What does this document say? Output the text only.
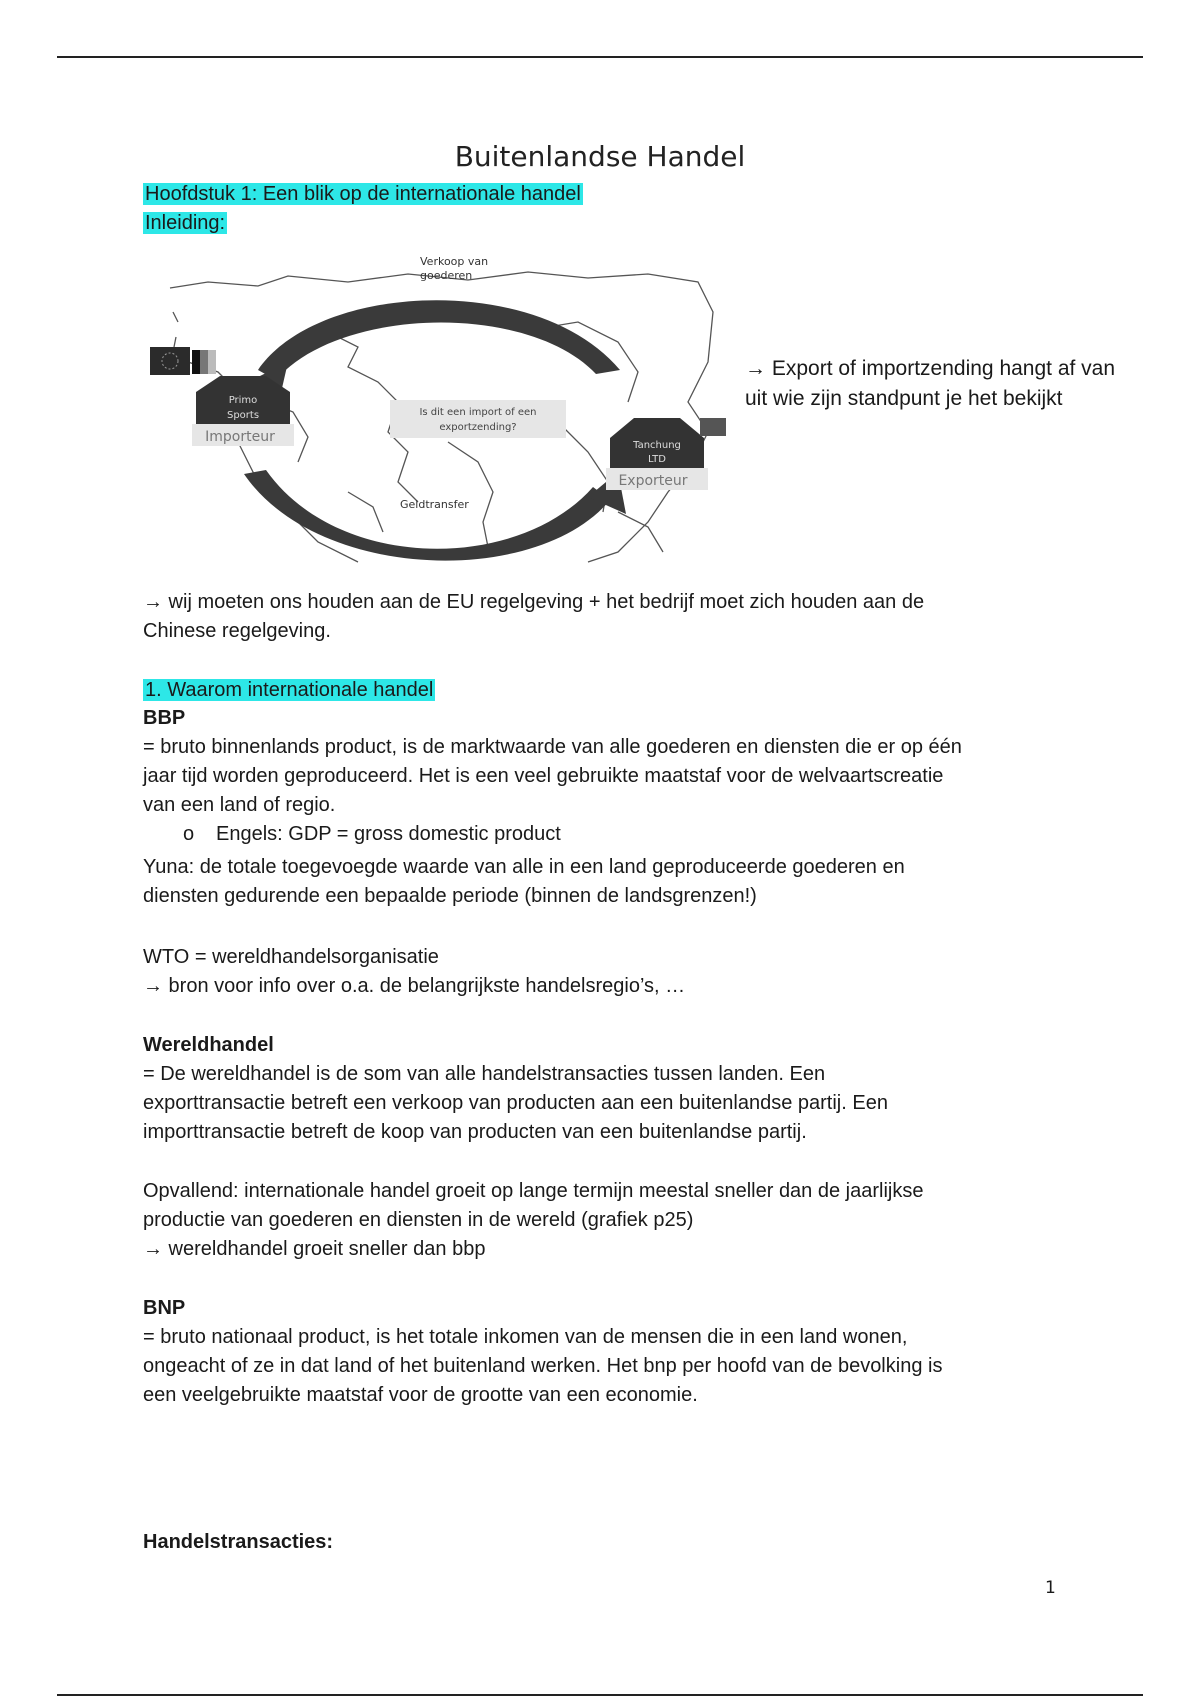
Buitenlandse Handel
Hoofdstuk 1: Een blik op de internationale handel
Inleiding:
Primo
Sports
Importeur
Is dit een import of een
exportzending?
Tanchung
LTD
Exporteur
Verkoop van
goederen
Geldtransfer
→ Export of importzending hangt af van uit wie zijn standpunt je het bekijkt
→ wij moeten ons houden aan de EU regelgeving + het bedrijf moet zich houden aan de
Chinese regelgeving.
1. Waarom internationale handel
BBP
= bruto binnenlands product, is de marktwaarde van alle goederen en diensten die er op één
jaar tijd worden geproduceerd. Het is een veel gebruikte maatstaf voor de welvaartscreatie
van een land of regio.
o Engels: GDP = gross domestic product
Yuna: de totale toegevoegde waarde van alle in een land geproduceerde goederen en
diensten gedurende een bepaalde periode (binnen de landsgrenzen!)
WTO = wereldhandelsorganisatie
→ bron voor info over o.a. de belangrijkste handelsregio’s, …
Wereldhandel
= De wereldhandel is de som van alle handelstransacties tussen landen. Een
exporttransactie betreft een verkoop van producten aan een buitenlandse partij. Een
importtransactie betreft de koop van producten van een buitenlandse partij.
Opvallend: internationale handel groeit op lange termijn meestal sneller dan de jaarlijkse
productie van goederen en diensten in de wereld (grafiek p25)
→ wereldhandel groeit sneller dan bbp
BNP
= bruto nationaal product, is het totale inkomen van de mensen die in een land wonen,
ongeacht of ze in dat land of het buitenland werken. Het bnp per hoofd van de bevolking is
een veelgebruikte maatstaf voor de grootte van een economie.
Handelstransacties:
1
